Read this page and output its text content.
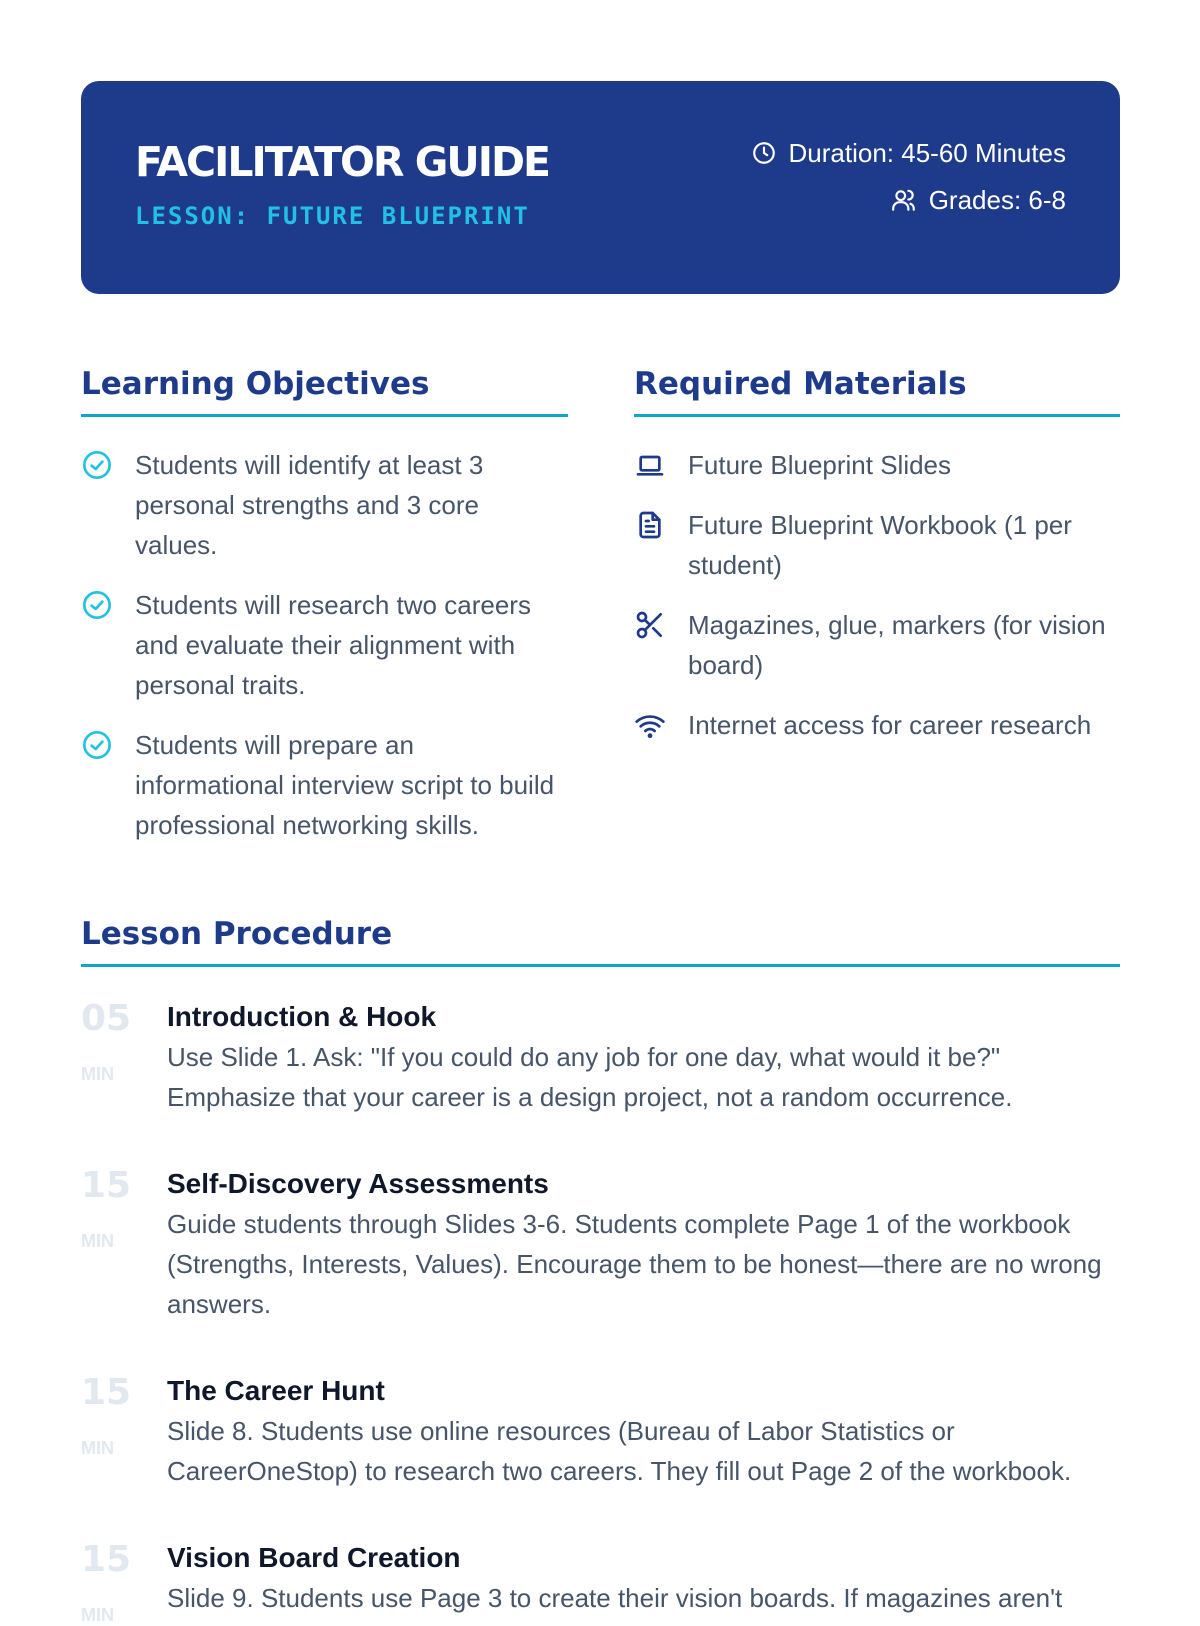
FACILITATOR GUIDE
LESSON: FUTURE BLUEPRINT
Duration: 45-60 Minutes
Grades: 6-8
Learning Objectives
Students will identify at least 3 personal strengths and 3 core values.
Students will research two careers and evaluate their alignment with personal traits.
Students will prepare an informational interview script to build professional networking skills.
Required Materials
Future Blueprint Slides
Future Blueprint Workbook (1 per student)
Magazines, glue, markers (for vision board)
Internet access for career research
Lesson Procedure
05
MIN
Introduction & Hook

Use Slide 1. Ask: "If you could do any job for one day, what would it be?" Emphasize that your career is a design project, not a random occurrence.

15
MIN
Self-Discovery Assessments

Guide students through Slides 3-6. Students complete Page 1 of the workbook (Strengths, Interests, Values). Encourage them to be honest—there are no wrong answers.

15
MIN
The Career Hunt

Slide 8. Students use online resources (Bureau of Labor Statistics or CareerOneStop) to research two careers. They fill out Page 2 of the workbook.

15
MIN
Vision Board Creation

Slide 9. Students use Page 3 to create their vision boards. If magazines aren't
